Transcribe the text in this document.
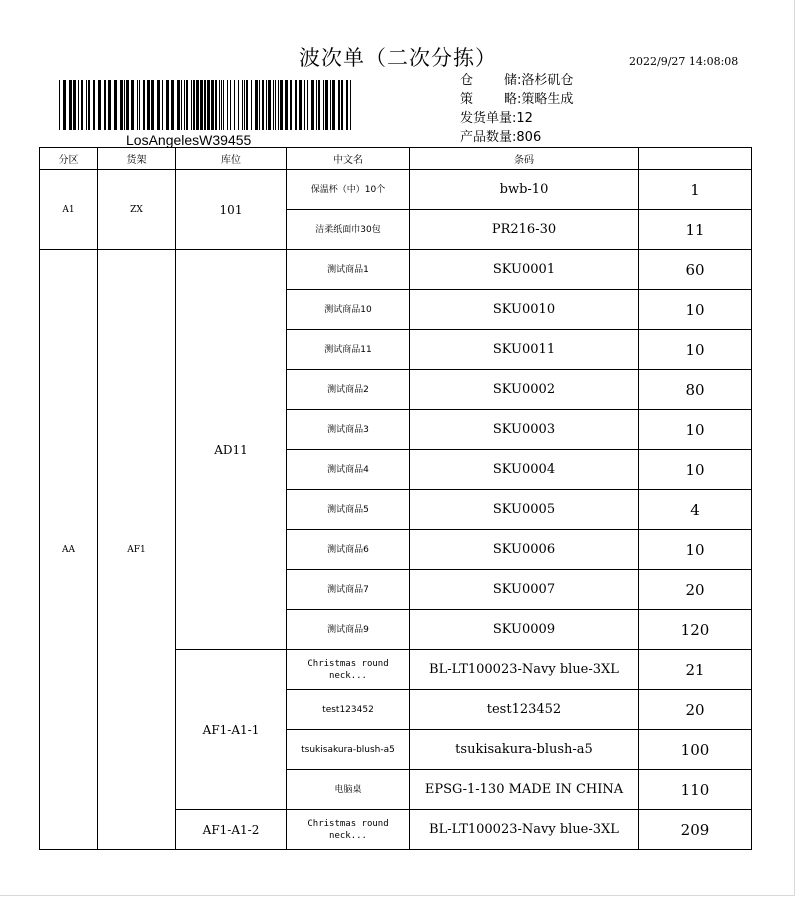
波次单（二次分拣）	2022/9/27 14:08:08
LosAngelesW39455
仓 储 :洛杉矶仓
策 略 :策略生成
发货单量:12
产品数量:806
分区	货架	库位	中文名	条码	
A1	ZX	101	保温杯（中）10个	bwb-10	1
			洁柔纸面巾30包	PR216-30	11
AA	AF1	AD11	测试商品1	SKU0001	60
			测试商品10	SKU0010	10
			测试商品11	SKU0011	10
			测试商品2	SKU0002	80
			测试商品3	SKU0003	10
			测试商品4	SKU0004	10
			测试商品5	SKU0005	4
			测试商品6	SKU0006	10
			测试商品7	SKU0007	20
			测试商品9	SKU0009	120
		AF1-A1-1	Christmas round neck...	BL-LT100023-Navy blue-3XL	21
			test123452	test123452	20
			tsukisakura-blush-a5	tsukisakura-blush-a5	100
			电脑桌	EPSG-1-130 MADE IN CHINA	110
		AF1-A1-2	Christmas round neck...	BL-LT100023-Navy blue-3XL	209
